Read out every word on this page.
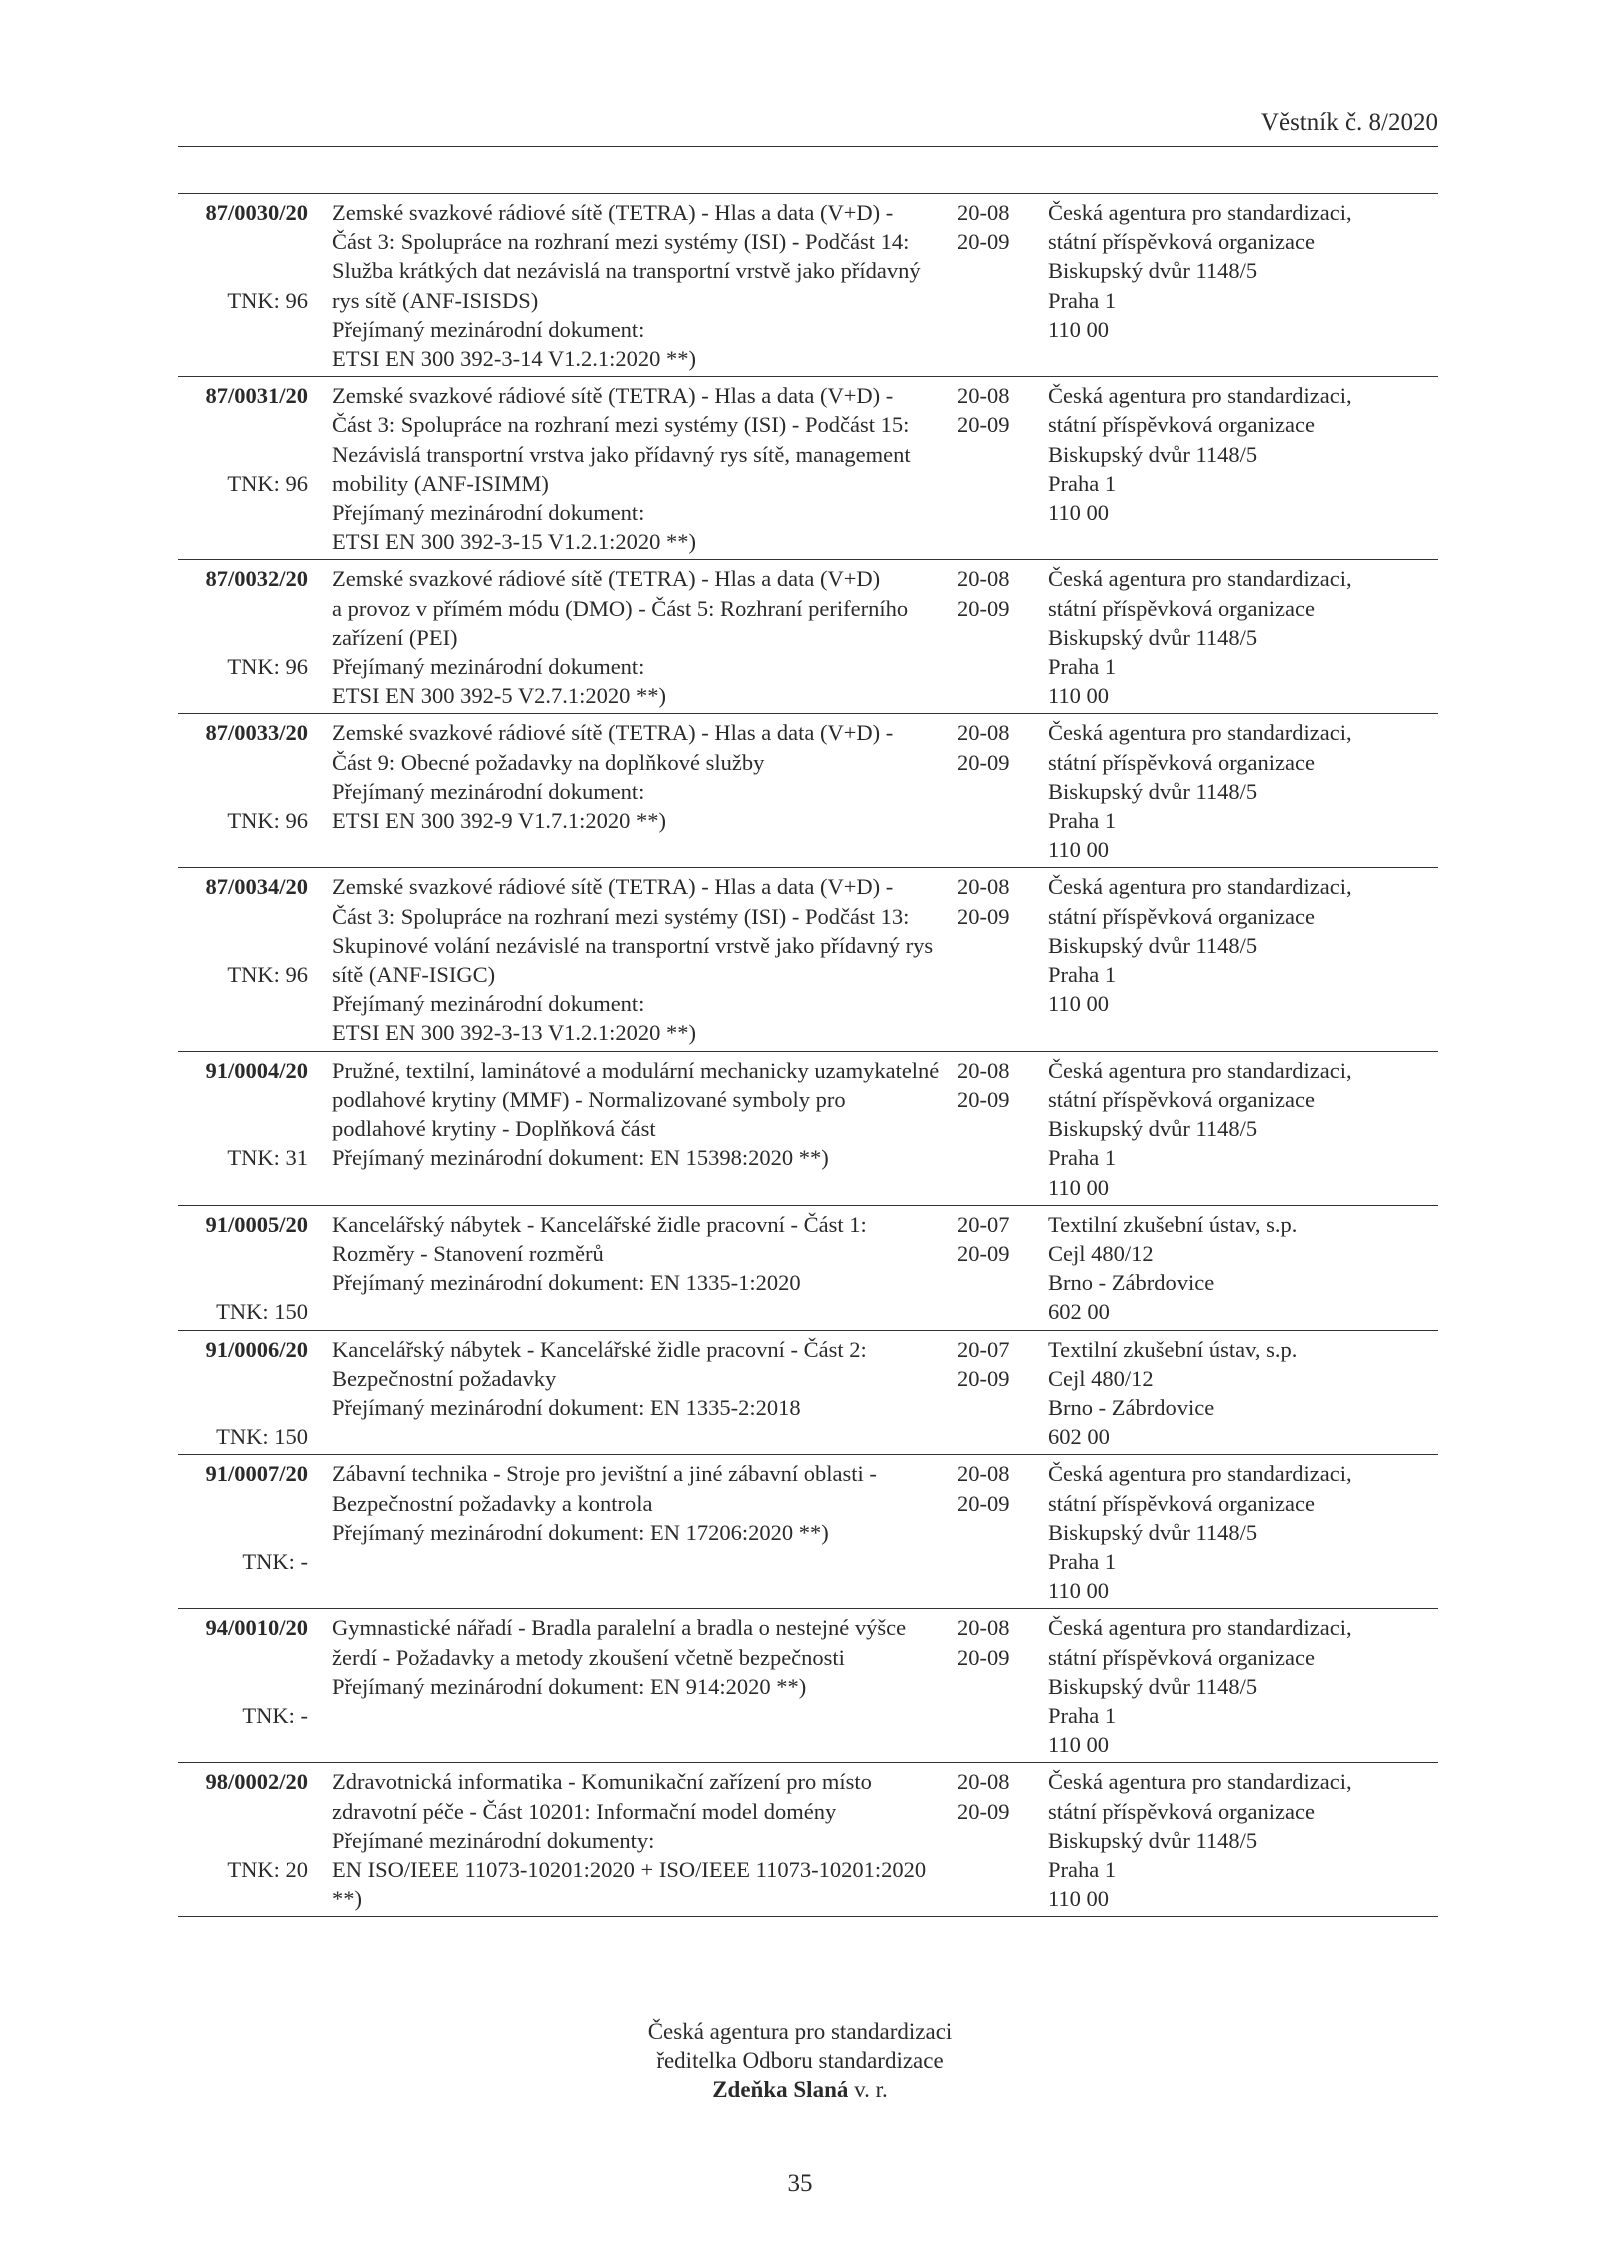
Věstník č. 8/2020
87/0030/20
TNK: 96
Zemské svazkové rádiové sítě (TETRA) - Hlas a data (V+D) -
Část 3: Spolupráce na rozhraní mezi systémy (ISI) - Podčást 14:
Služba krátkých dat nezávislá na transportní vrstvě jako přídavný
rys sítě (ANF-ISISDS)
Přejímaný mezinárodní dokument:
ETSI EN 300 392-3-14 V1.2.1:2020 **)
20-08
20-09
Česká agentura pro standardizaci,
státní příspěvková organizace
Biskupský dvůr 1148/5
Praha 1
110 00
87/0031/20
TNK: 96
Zemské svazkové rádiové sítě (TETRA) - Hlas a data (V+D) -
Část 3: Spolupráce na rozhraní mezi systémy (ISI) - Podčást 15:
Nezávislá transportní vrstva jako přídavný rys sítě, management
mobility (ANF-ISIMM)
Přejímaný mezinárodní dokument:
ETSI EN 300 392-3-15 V1.2.1:2020 **)
20-08
20-09
Česká agentura pro standardizaci,
státní příspěvková organizace
Biskupský dvůr 1148/5
Praha 1
110 00
87/0032/20
TNK: 96
Zemské svazkové rádiové sítě (TETRA) - Hlas a data (V+D)
a provoz v přímém módu (DMO) - Část 5: Rozhraní periferního
zařízení (PEI)
Přejímaný mezinárodní dokument:
ETSI EN 300 392-5 V2.7.1:2020 **)
20-08
20-09
Česká agentura pro standardizaci,
státní příspěvková organizace
Biskupský dvůr 1148/5
Praha 1
110 00
87/0033/20
TNK: 96
Zemské svazkové rádiové sítě (TETRA) - Hlas a data (V+D) -
Část 9: Obecné požadavky na doplňkové služby
Přejímaný mezinárodní dokument:
ETSI EN 300 392-9 V1.7.1:2020 **)
20-08
20-09
Česká agentura pro standardizaci,
státní příspěvková organizace
Biskupský dvůr 1148/5
Praha 1
110 00
87/0034/20
TNK: 96
Zemské svazkové rádiové sítě (TETRA) - Hlas a data (V+D) -
Část 3: Spolupráce na rozhraní mezi systémy (ISI) - Podčást 13:
Skupinové volání nezávislé na transportní vrstvě jako přídavný rys
sítě (ANF-ISIGC)
Přejímaný mezinárodní dokument:
ETSI EN 300 392-3-13 V1.2.1:2020 **)
20-08
20-09
Česká agentura pro standardizaci,
státní příspěvková organizace
Biskupský dvůr 1148/5
Praha 1
110 00
91/0004/20
TNK: 31
Pružné, textilní, laminátové a modulární mechanicky uzamykatelné
podlahové krytiny (MMF) - Normalizované symboly pro
podlahové krytiny - Doplňková část
Přejímaný mezinárodní dokument: EN 15398:2020 **)
20-08
20-09
Česká agentura pro standardizaci,
státní příspěvková organizace
Biskupský dvůr 1148/5
Praha 1
110 00
91/0005/20
TNK: 150
Kancelářský nábytek - Kancelářské židle pracovní - Část 1:
Rozměry - Stanovení rozměrů
Přejímaný mezinárodní dokument: EN 1335-1:2020
20-07
20-09
Textilní zkušební ústav, s.p.
Cejl 480/12
Brno - Zábrdovice
602 00
91/0006/20
TNK: 150
Kancelářský nábytek - Kancelářské židle pracovní - Část 2:
Bezpečnostní požadavky
Přejímaný mezinárodní dokument: EN 1335-2:2018
20-07
20-09
Textilní zkušební ústav, s.p.
Cejl 480/12
Brno - Zábrdovice
602 00
91/0007/20
TNK: -
Zábavní technika - Stroje pro jevištní a jiné zábavní oblasti -
Bezpečnostní požadavky a kontrola
Přejímaný mezinárodní dokument: EN 17206:2020 **)
20-08
20-09
Česká agentura pro standardizaci,
státní příspěvková organizace
Biskupský dvůr 1148/5
Praha 1
110 00
94/0010/20
TNK: -
Gymnastické nářadí - Bradla paralelní a bradla o nestejné výšce
žerdí - Požadavky a metody zkoušení včetně bezpečnosti
Přejímaný mezinárodní dokument: EN 914:2020 **)
20-08
20-09
Česká agentura pro standardizaci,
státní příspěvková organizace
Biskupský dvůr 1148/5
Praha 1
110 00
98/0002/20
TNK: 20
Zdravotnická informatika - Komunikační zařízení pro místo
zdravotní péče - Část 10201: Informační model domény
Přejímané mezinárodní dokumenty:
EN ISO/IEEE 11073-10201:2020 + ISO/IEEE 11073-10201:2020 **)
20-08
20-09
Česká agentura pro standardizaci,
státní příspěvková organizace
Biskupský dvůr 1148/5
Praha 1
110 00
Česká agentura pro standardizaci
ředitelka Odboru standardizace
Zdeňka Slaná v. r.
35
